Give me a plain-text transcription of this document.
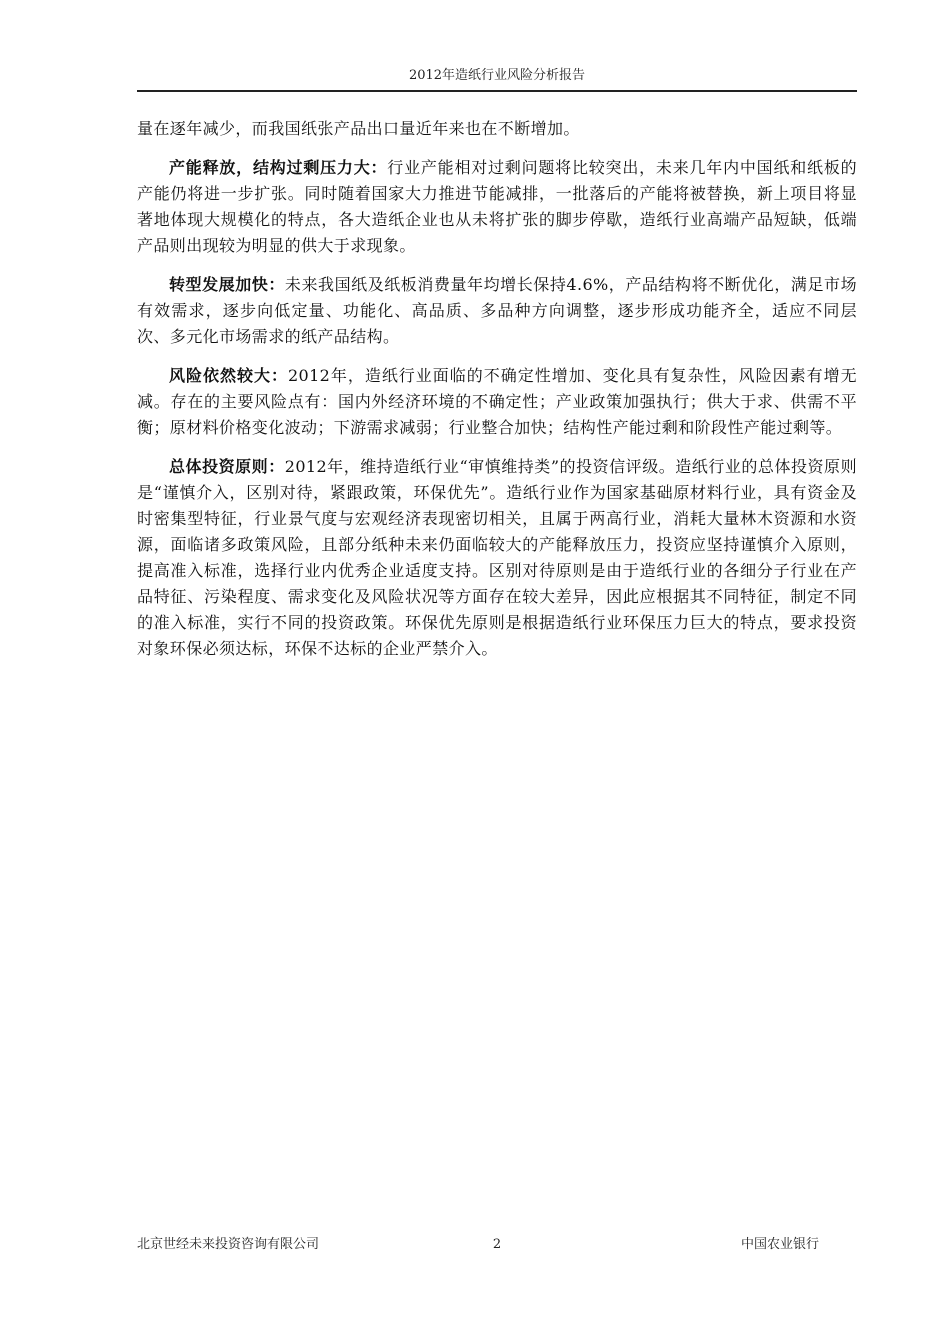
2012年造纸行业风险分析报告

量在逐年减少，而我国纸张产品出口量近年来也在不断增加。

产能释放，结构过剩压力大：行业产能相对过剩问题将比较突出，未来几年内中国纸和纸板的产能仍将进一步扩张。同时随着国家大力推进节能减排，一批落后的产能将被替换，新上项目将显著地体现大规模化的特点，各大造纸企业也从未将扩张的脚步停歇，造纸行业高端产品短缺，低端产品则出现较为明显的供大于求现象。

转型发展加快：未来我国纸及纸板消费量年均增长保持4.6%，产品结构将不断优化，满足市场有效需求，逐步向低定量、功能化、高品质、多品种方向调整，逐步形成功能齐全，适应不同层次、多元化市场需求的纸产品结构。

风险依然较大：2012年，造纸行业面临的不确定性增加、变化具有复杂性，风险因素有增无减。存在的主要风险点有：国内外经济环境的不确定性；产业政策加强执行；供大于求、供需不平衡；原材料价格变化波动；下游需求减弱；行业整合加快；结构性产能过剩和阶段性产能过剩等。

总体投资原则：2012年，维持造纸行业“审慎维持类”的投资信评级。造纸行业的总体投资原则是“谨慎介入，区别对待，紧跟政策，环保优先”。造纸行业作为国家基础原材料行业，具有资金及时密集型特征，行业景气度与宏观经济表现密切相关，且属于两高行业，消耗大量林木资源和水资源，面临诸多政策风险，且部分纸种未来仍面临较大的产能释放压力，投资应坚持谨慎介入原则，提高准入标准，选择行业内优秀企业适度支持。区别对待原则是由于造纸行业的各细分子行业在产品特征、污染程度、需求变化及风险状况等方面存在较大差异，因此应根据其不同特征，制定不同的准入标准，实行不同的投资政策。环保优先原则是根据造纸行业环保压力巨大的特点，要求投资对象环保必须达标，环保不达标的企业严禁介入。

北京世经未来投资咨询有限公司	2	中国农业银行
